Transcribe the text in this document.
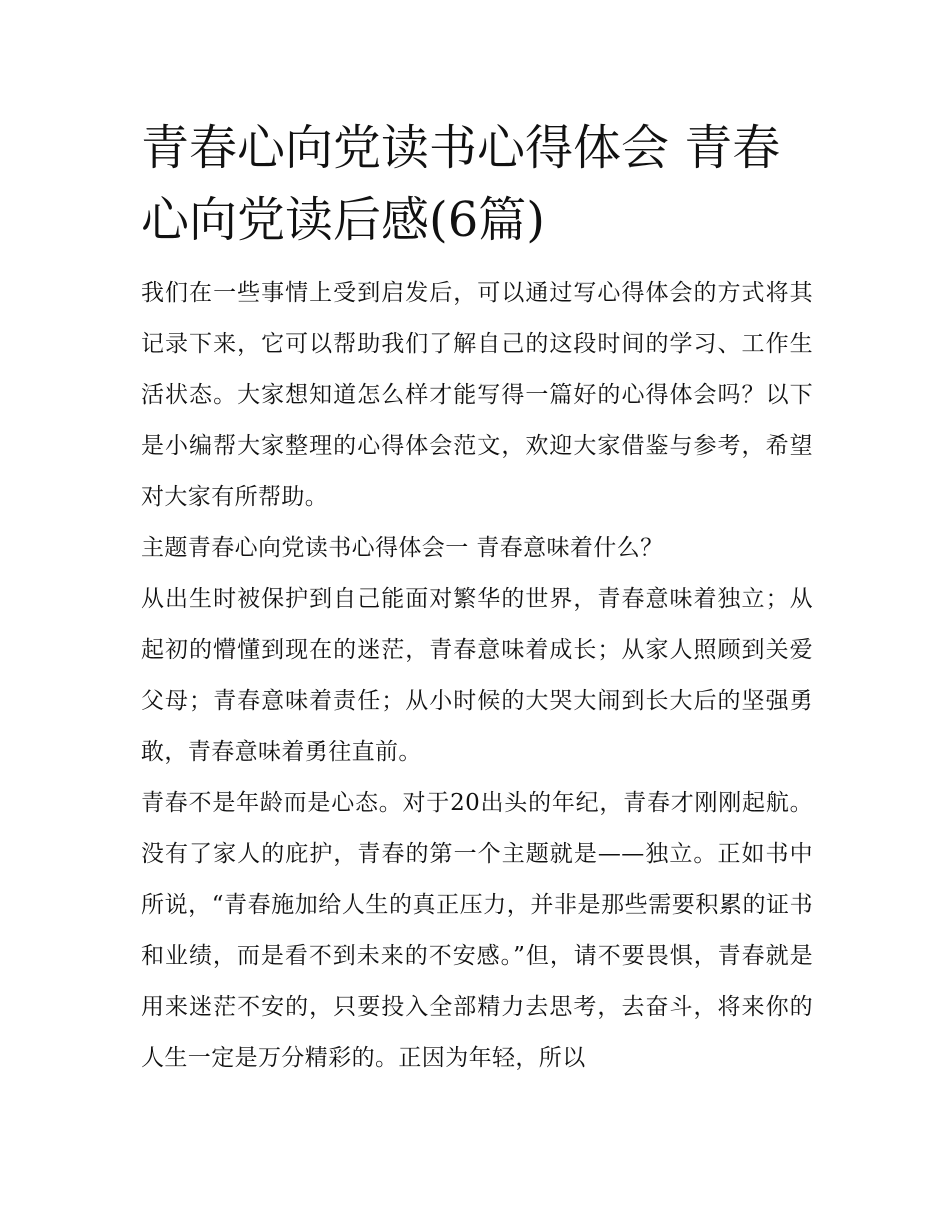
青春心向党读书心得体会 青春心向党读后感(6篇)

我们在一些事情上受到启发后，可以通过写心得体会的方式将其记录下来，它可以帮助我们了解自己的这段时间的学习、工作生活状态。大家想知道怎么样才能写得一篇好的心得体会吗？以下是小编帮大家整理的心得体会范文，欢迎大家借鉴与参考，希望对大家有所帮助。

主题青春心向党读书心得体会一 青春意味着什么？

从出生时被保护到自己能面对繁华的世界，青春意味着独立；从起初的懵懂到现在的迷茫，青春意味着成长；从家人照顾到关爱父母；青春意味着责任；从小时候的大哭大闹到长大后的坚强勇敢，青春意味着勇往直前。

青春不是年龄而是心态。对于20出头的年纪，青春才刚刚起航。没有了家人的庇护，青春的第一个主题就是——独立。正如书中所说，“青春施加给人生的真正压力，并非是那些需要积累的证书和业绩，而是看不到未来的不安感。”但，请不要畏惧，青春就是用来迷茫不安的，只要投入全部精力去思考，去奋斗，将来你的人生一定是万分精彩的。正因为年轻，所以
